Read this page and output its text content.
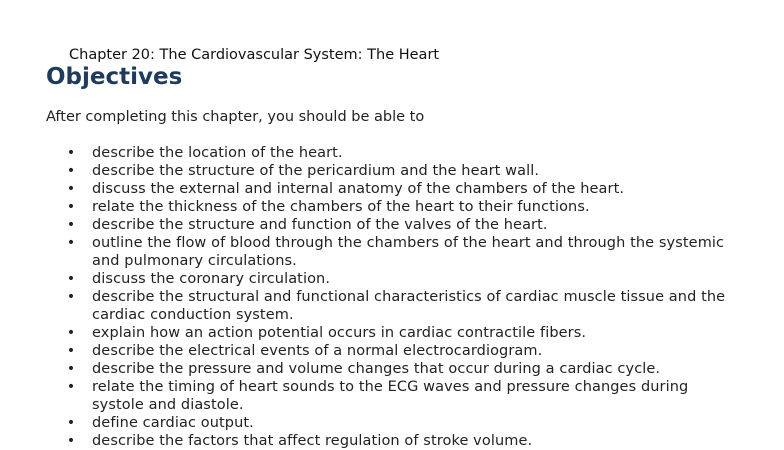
Chapter 20: The Cardiovascular System: The Heart
Objectives
After completing this chapter, you should be able to
• describe the location of the heart.
• describe the structure of the pericardium and the heart wall.
• discuss the external and internal anatomy of the chambers of the heart.
• relate the thickness of the chambers of the heart to their functions.
• describe the structure and function of the valves of the heart.
• outline the flow of blood through the chambers of the heart and through the systemic and pulmonary circulations.
• discuss the coronary circulation.
• describe the structural and functional characteristics of cardiac muscle tissue and the cardiac conduction system.
• explain how an action potential occurs in cardiac contractile fibers.
• describe the electrical events of a normal electrocardiogram.
• describe the pressure and volume changes that occur during a cardiac cycle.
• relate the timing of heart sounds to the ECG waves and pressure changes during systole and diastole.
• define cardiac output.
• describe the factors that affect regulation of stroke volume.
